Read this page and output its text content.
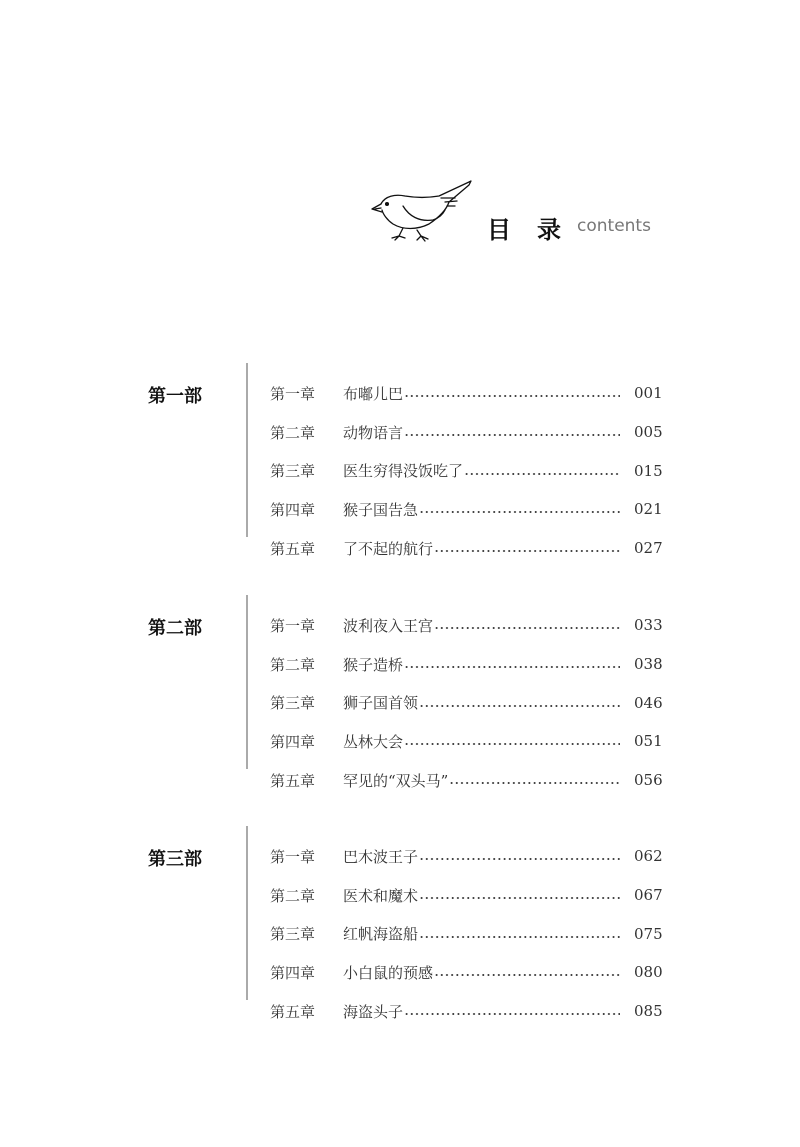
目录
contents
第一部	第一章	布嘟儿巴	001
第二章	动物语言	005
第三章	医生穷得没饭吃了	015
第四章	猴子国告急	021
第五章	了不起的航行	027
第二部	第一章	波利夜入王宫	033
第二章	猴子造桥	038
第三章	狮子国首领	046
第四章	丛林大会	051
第五章	罕见的“双头马”	056
第三部	第一章	巴木波王子	062
第二章	医术和魔术	067
第三章	红帆海盗船	075
第四章	小白鼠的预感	080
第五章	海盗头子	085
